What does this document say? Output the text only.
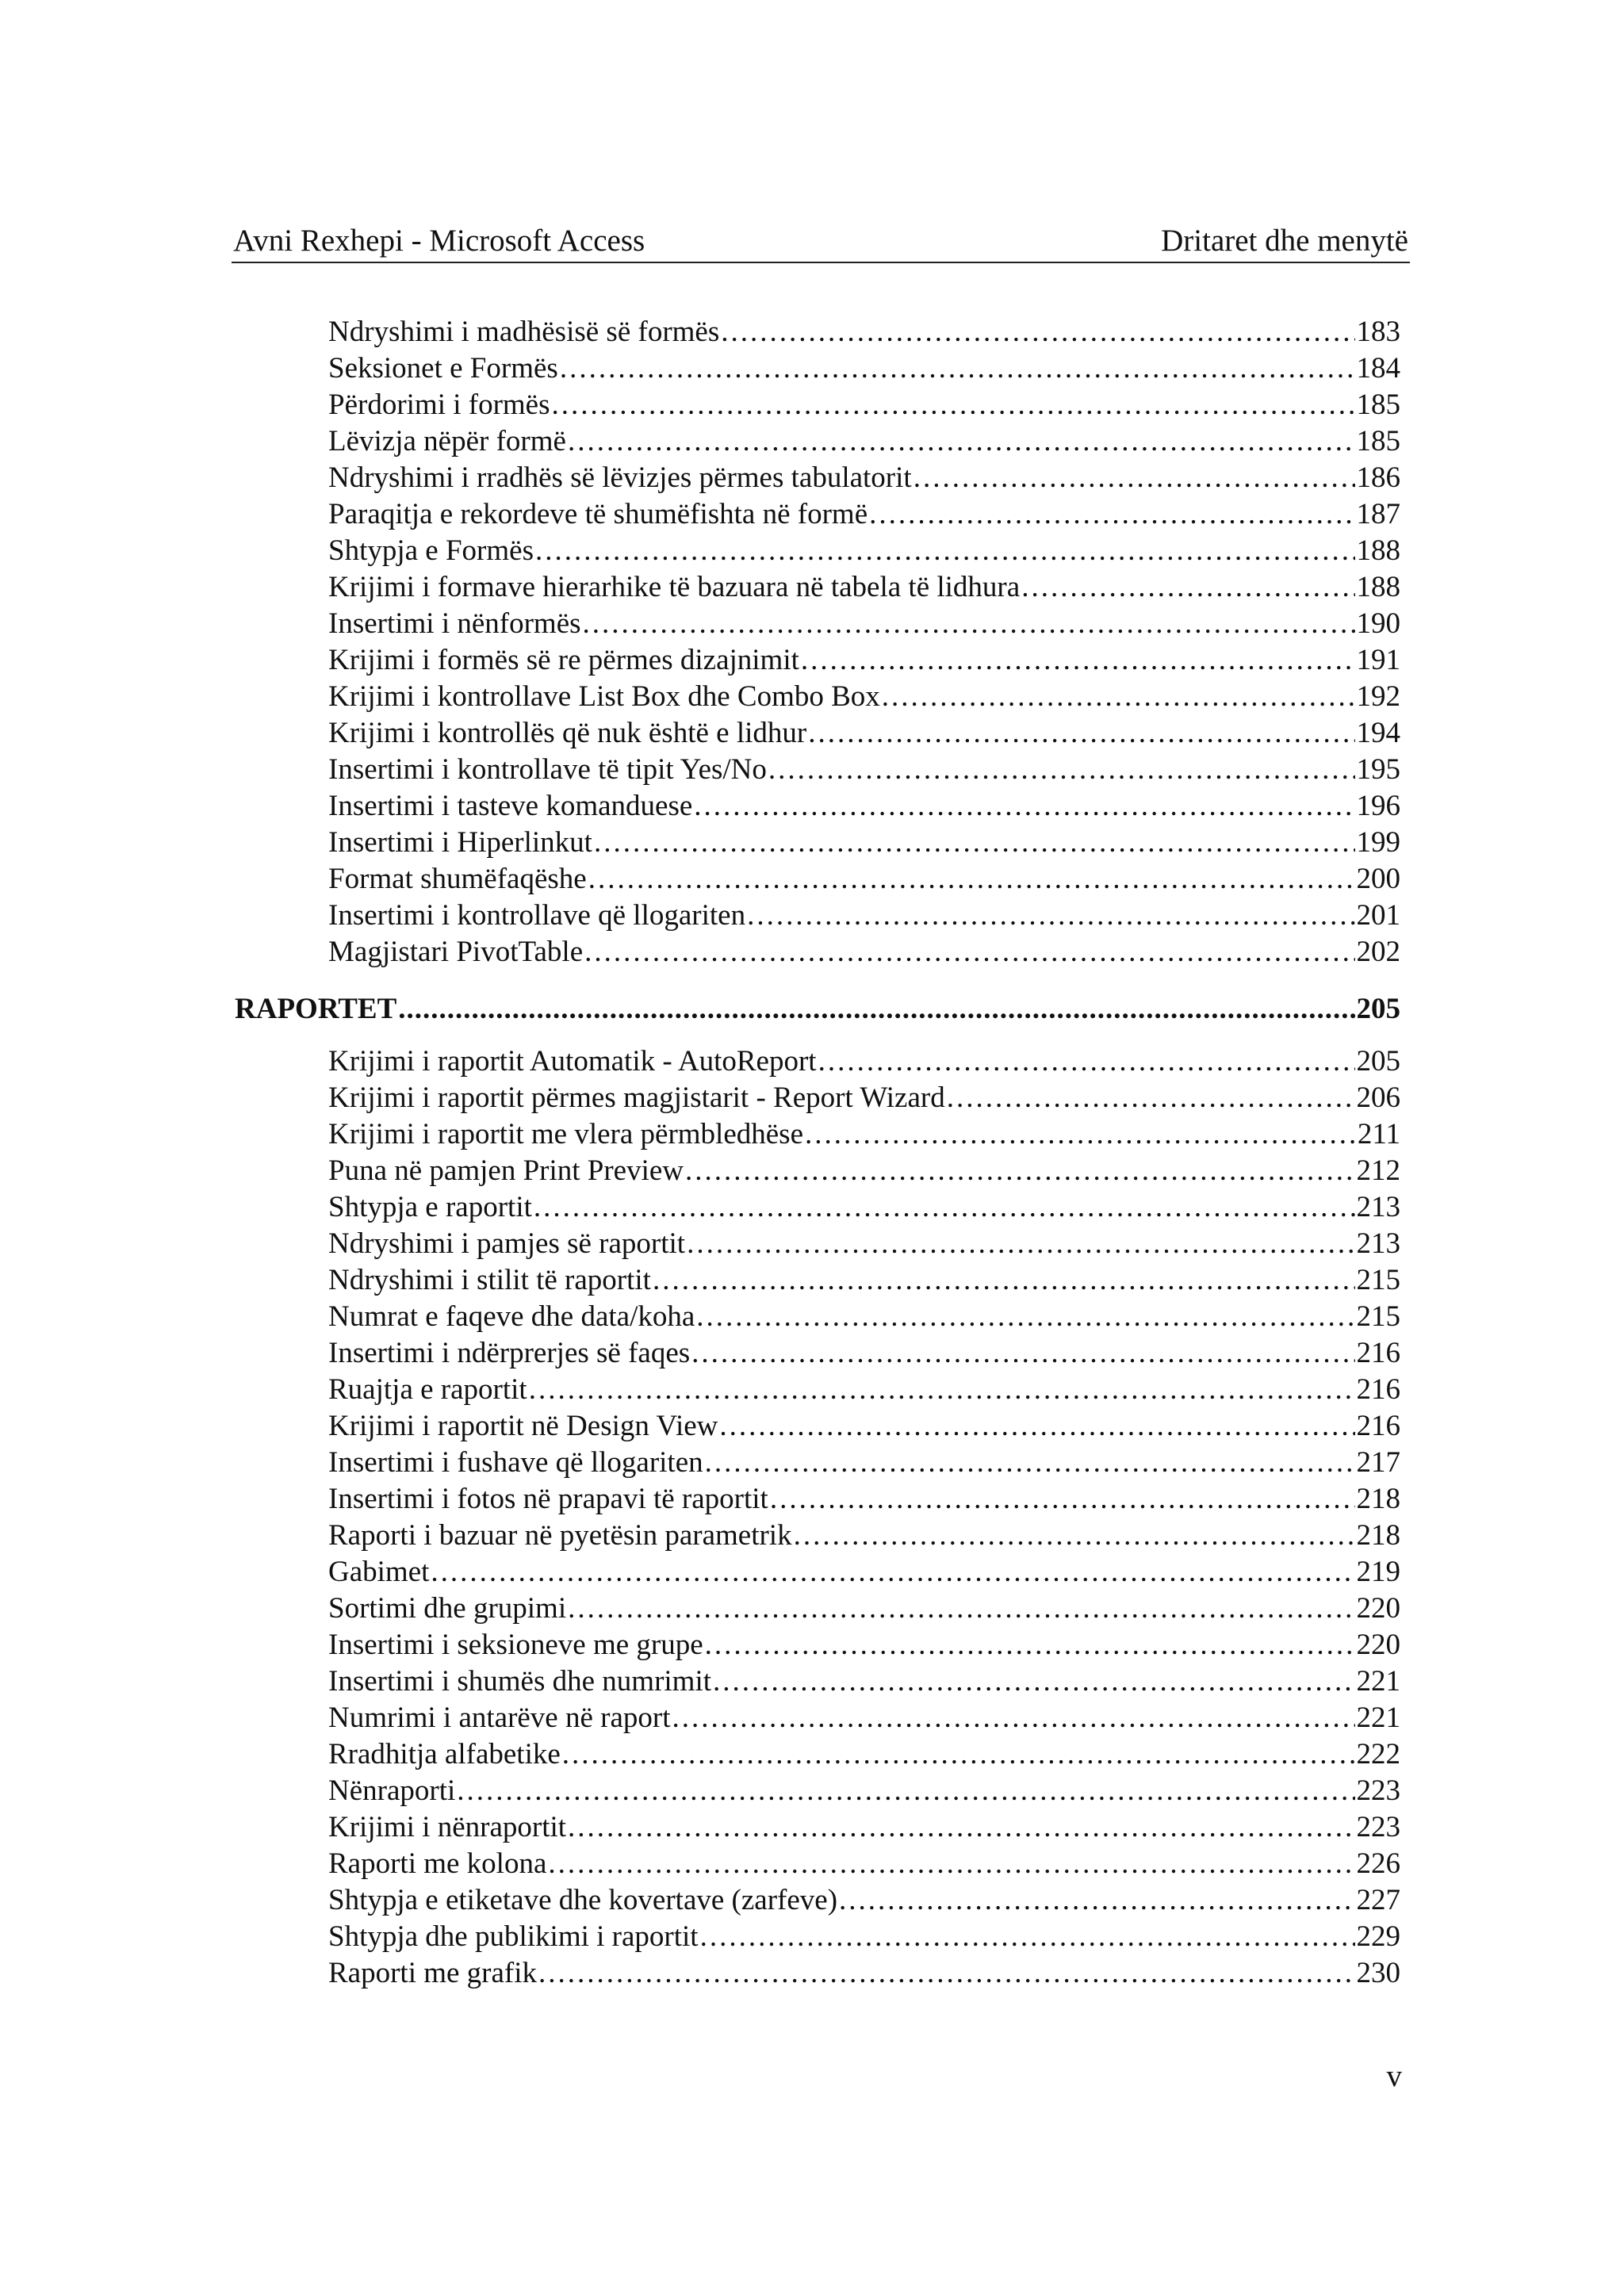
Avni Rexhepi - Microsoft Access	Dritaret dhe menytë
Ndryshimi i madhësisë së formës .....	183
Seksionet e Formës .....	184
Përdorimi i formës .....	185
Lëvizja nëpër formë .....	185
Ndryshimi i rradhës së lëvizjes përmes tabulatorit .....	186
Paraqitja e rekordeve të shumëfishta në formë .....	187
Shtypja e Formës .....	188
Krijimi i formave hierarhike të bazuara në tabela të lidhura .....	188
Insertimi i nënformës .....	190
Krijimi i formës së re përmes dizajnimit .....	191
Krijimi i kontrollave List Box dhe Combo Box .....	192
Krijimi i kontrollës që nuk është e lidhur .....	194
Insertimi i kontrollave të tipit Yes/No .....	195
Insertimi i tasteve komanduese .....	196
Insertimi i Hiperlinkut .....	199
Format shumëfaqëshe .....	200
Insertimi i kontrollave që llogariten .....	201
Magjistari PivotTable .....	202
RAPORTET .....	205
Krijimi i raportit Automatik - AutoReport .....	205
Krijimi i raportit përmes magjistarit - Report Wizard .....	206
Krijimi i raportit me vlera përmbledhëse .....	211
Puna në pamjen Print Preview .....	212
Shtypja e raportit .....	213
Ndryshimi i pamjes së raportit .....	213
Ndryshimi i stilit të raportit .....	215
Numrat e faqeve dhe data/koha .....	215
Insertimi i ndërprerjes së faqes .....	216
Ruajtja e raportit .....	216
Krijimi i raportit në Design View .....	216
Insertimi i fushave që llogariten .....	217
Insertimi i fotos në prapavi të raportit .....	218
Raporti i bazuar në pyetësin parametrik .....	218
Gabimet .....	219
Sortimi dhe grupimi .....	220
Insertimi i seksioneve me grupe .....	220
Insertimi i shumës dhe numrimit .....	221
Numrimi i antarëve në raport .....	221
Rradhitja alfabetike .....	222
Nënraporti .....	223
Krijimi i nënraportit .....	223
Raporti me kolona .....	226
Shtypja e etiketave dhe kovertave (zarfeve) .....	227
Shtypja dhe publikimi i raportit .....	229
Raporti me grafik .....	230
v
